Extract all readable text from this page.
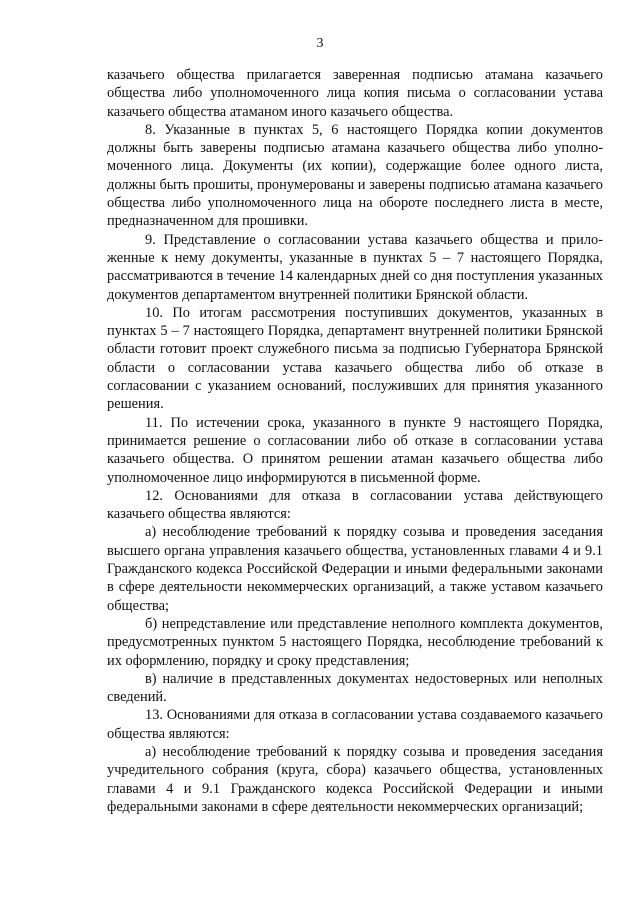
3

казачьего общества прилагается заверенная подписью атамана казачьего общества либо уполномоченного лица копия письма о согласовании устава казачьего общества атаманом иного казачьего общества.

8. Указанные в пунктах 5, 6 настоящего Порядка копии документов должны быть заверены подписью атамана казачьего общества либо уполномоченного лица. Документы (их копии), содержащие более одного листа, должны быть прошиты, пронумерованы и заверены подписью атамана казачьего общества либо уполномоченного лица на обороте последнего листа в месте, предназначенном для прошивки.

9. Представление о согласовании устава казачьего общества и приложенные к нему документы, указанные в пунктах 5 – 7 настоящего Порядка, рассматриваются в течение 14 календарных дней со дня поступления указанных документов департаментом внутренней политики Брянской области.

10. По итогам рассмотрения поступивших документов, указанных в пунктах 5 – 7 настоящего Порядка, департамент внутренней политики Брянской области готовит проект служебного письма за подписью Губернатора Брянской области о согласовании устава казачьего общества либо об отказе в согласовании с указанием оснований, послуживших для принятия указанного решения.

11. По истечении срока, указанного в пункте 9 настоящего Порядка, принимается решение о согласовании либо об отказе в согласовании устава казачьего общества. О принятом решении атаман казачьего общества либо уполномоченное лицо информируются в письменной форме.

12. Основаниями для отказа в согласовании устава действующего казачьего общества являются:

а) несоблюдение требований к порядку созыва и проведения заседания высшего органа управления казачьего общества, установленных главами 4 и 9.1 Гражданского кодекса Российской Федерации и иными федеральными законами в сфере деятельности некоммерческих организаций, а также уставом казачьего общества;

б) непредставление или представление неполного комплекта документов, предусмотренных пунктом 5 настоящего Порядка, несоблюдение требований к их оформлению, порядку и сроку представления;

в) наличие в представленных документах недостоверных или неполных сведений.

13. Основаниями для отказа в согласовании устава создаваемого казачьего общества являются:

а) несоблюдение требований к порядку созыва и проведения заседания учредительного собрания (круга, сбора) казачьего общества, установленных главами 4 и 9.1 Гражданского кодекса Российской Федерации и иными федеральными законами в сфере деятельности некоммерческих организаций;
